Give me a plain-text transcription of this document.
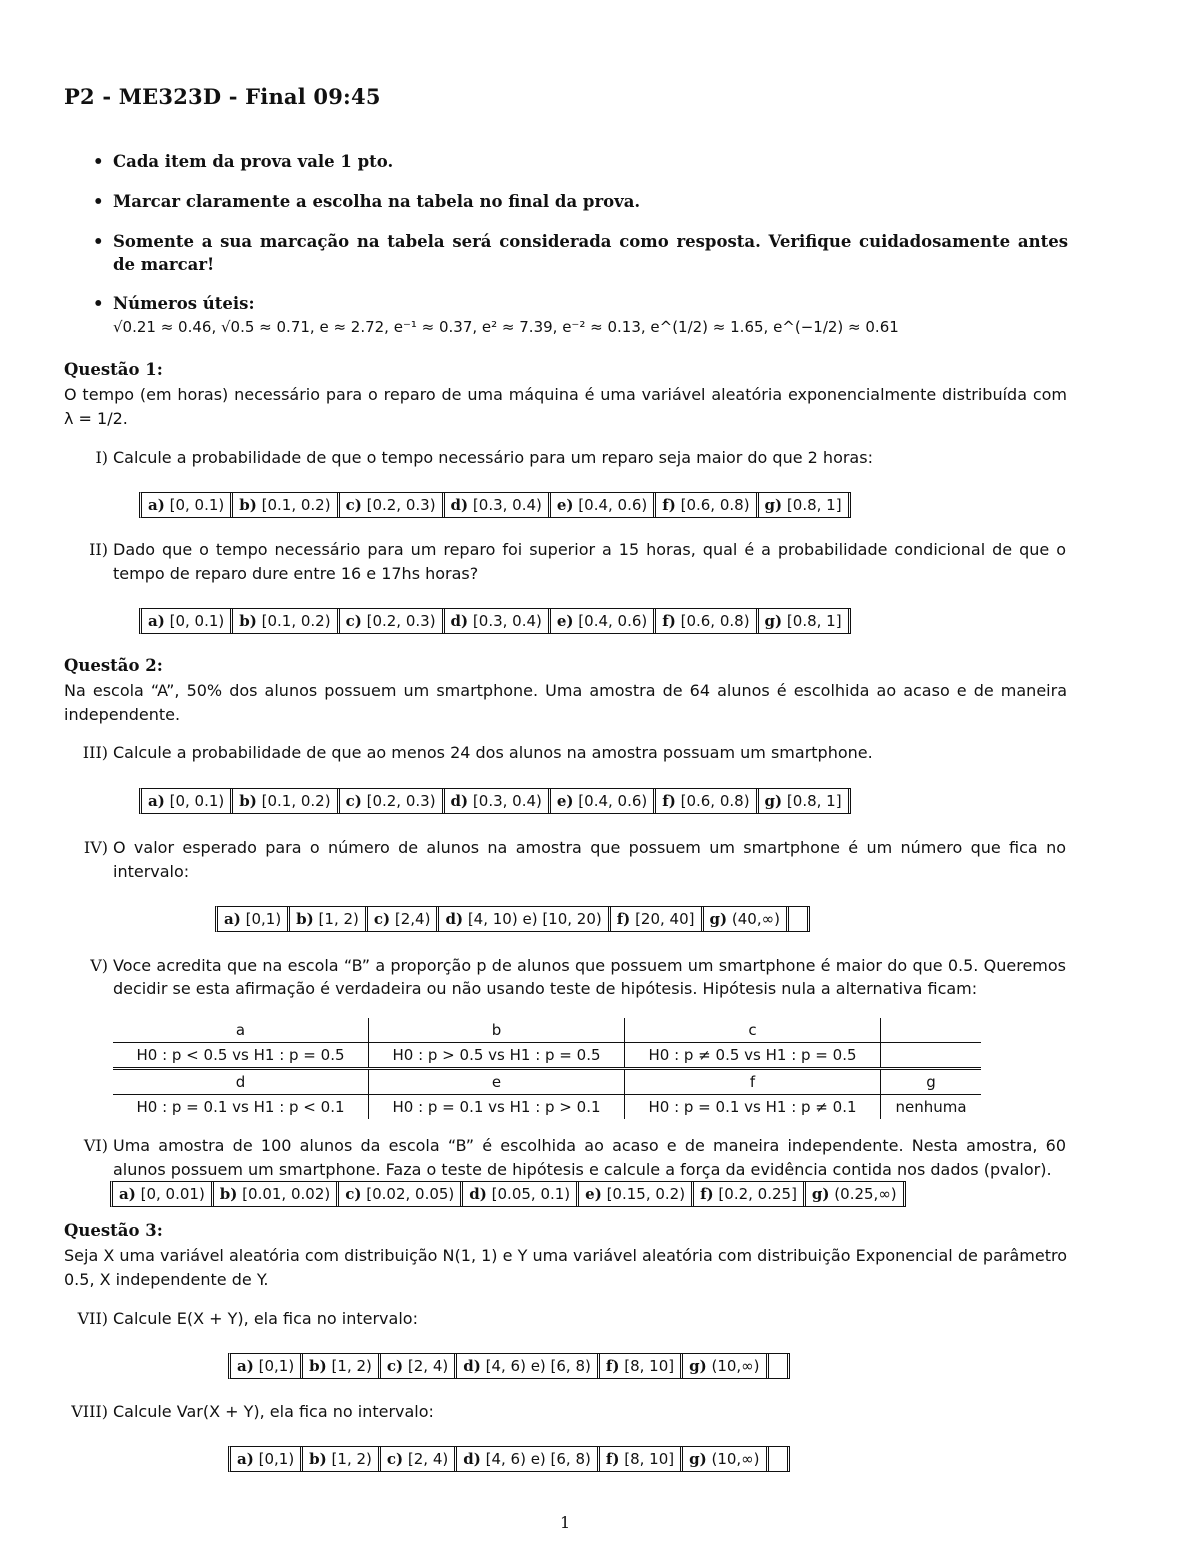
P2 - ME323D - Final 09:45
• Cada item da prova vale 1 pto.
• Marcar claramente a escolha na tabela no final da prova.
• Somente a sua marcação na tabela será considerada como resposta. Verifique cuidadosamente antes de marcar!
• Números úteis:
√0.21 ≈ 0.46, √0.5 ≈ 0.71, e ≈ 2.72, e⁻¹ ≈ 0.37, e² ≈ 7.39, e⁻² ≈ 0.13, e^(1/2) ≈ 1.65, e^(−1/2) ≈ 0.61
Questão 1:
O tempo (em horas) necessário para o reparo de uma máquina é uma variável aleatória exponencialmente distribuída com λ = 1/2.
I) Calcule a probabilidade de que o tempo necessário para um reparo seja maior do que 2 horas:
a) [0, 0.1)	b) [0.1, 0.2)	c) [0.2, 0.3)	d) [0.3, 0.4)	e) [0.4, 0.6)	f) [0.6, 0.8)	g) [0.8, 1]
II) Dado que o tempo necessário para um reparo foi superior a 15 horas, qual é a probabilidade condicional de que o tempo de reparo dure entre 16 e 17hs horas?
a) [0, 0.1)	b) [0.1, 0.2)	c) [0.2, 0.3)	d) [0.3, 0.4)	e) [0.4, 0.6)	f) [0.6, 0.8)	g) [0.8, 1]
Questão 2:
Na escola “A”, 50% dos alunos possuem um smartphone. Uma amostra de 64 alunos é escolhida ao acaso e de maneira independente.
III) Calcule a probabilidade de que ao menos 24 dos alunos na amostra possuam um smartphone.
a) [0, 0.1)	b) [0.1, 0.2)	c) [0.2, 0.3)	d) [0.3, 0.4)	e) [0.4, 0.6)	f) [0.6, 0.8)	g) [0.8, 1]
IV) O valor esperado para o número de alunos na amostra que possuem um smartphone é um número que fica no intervalo:
a) [0,1)	b) [1, 2)	c) [2,4)	d) [4, 10) e) [10, 20)	f) [20, 40]	g) (40,∞)
V) Voce acredita que na escola “B” a proporção p de alunos que possuem um smartphone é maior do que 0.5. Queremos decidir se esta afirmação é verdadeira ou não usando teste de hipótesis. Hipótesis nula a alternativa ficam:
a	b	c	
H0 : p < 0.5 vs H1 : p = 0.5	H0 : p > 0.5 vs H1 : p = 0.5	H0 : p ≠ 0.5 vs H1 : p = 0.5	
d	e	f	g
H0 : p = 0.1 vs H1 : p < 0.1	H0 : p = 0.1 vs H1 : p > 0.1	H0 : p = 0.1 vs H1 : p ≠ 0.1	nenhuma
VI) Uma amostra de 100 alunos da escola “B” é escolhida ao acaso e de maneira independente. Nesta amostra, 60 alunos possuem um smartphone. Faza o teste de hipótesis e calcule a força da evidência contida nos dados (pvalor).
a) [0, 0.01)	b) [0.01, 0.02)	c) [0.02, 0.05)	d) [0.05, 0.1)	e) [0.15, 0.2)	f) [0.2, 0.25]	g) (0.25,∞)
Questão 3:
Seja X uma variável aleatória com distribuição N(1, 1) e Y uma variável aleatória com distribuição Exponencial de parâmetro 0.5, X independente de Y.
VII) Calcule E(X + Y), ela fica no intervalo:
a) [0,1)	b) [1, 2)	c) [2, 4)	d) [4, 6) e) [6, 8)	f) [8, 10]	g) (10,∞)
VIII) Calcule Var(X + Y), ela fica no intervalo:
a) [0,1)	b) [1, 2)	c) [2, 4)	d) [4, 6) e) [6, 8)	f) [8, 10]	g) (10,∞)
1
